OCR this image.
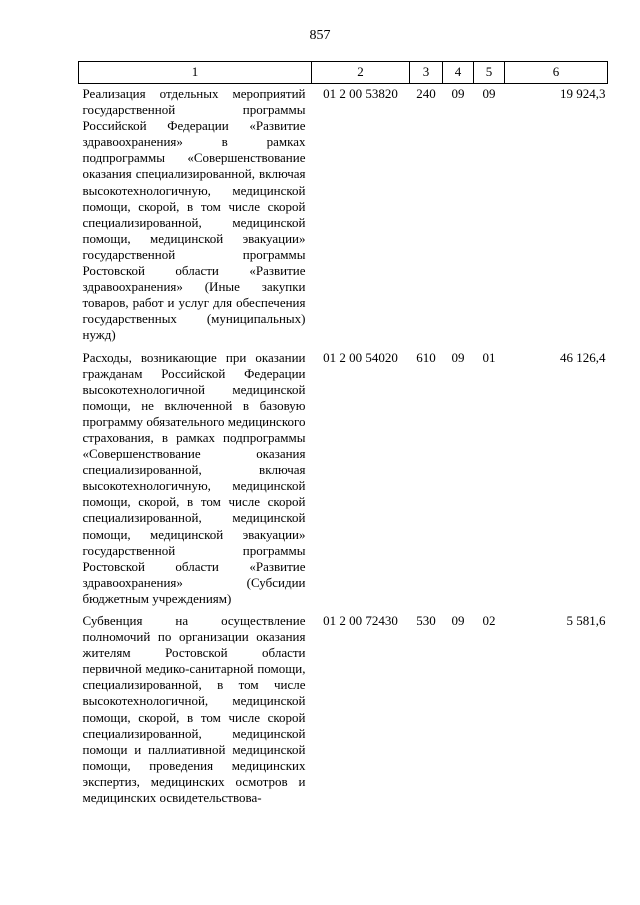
857
1	2	3	4	5	6
Реализация отдельных мероприятий государственной программы Российской Федерации «Развитие здравоохранения» в рамках подпрограммы «Совершенствование оказания специализированной, включая высокотехнологичную, медицинской помощи, скорой, в том числе скорой специализированной, медицинской помощи, медицинской эвакуации» государственной программы Ростовской области «Развитие здравоохранения» (Иные закупки товаров, работ и услуг для обеспечения государственных (муниципальных) нужд)	01 2 00 53820	240	09	09	19 924,3
Расходы, возникающие при оказании гражданам Российской Федерации высокотехнологичной медицинской помощи, не включенной в базовую программу обязательного медицинского страхования, в рамках подпрограммы «Совершенствование оказания специализированной, включая высокотехнологичную, медицинской помощи, скорой, в том числе скорой специализированной, медицинской помощи, медицинской эвакуации» государственной программы Ростовской области «Развитие здравоохранения» (Субсидии бюджетным учреждениям)	01 2 00 54020	610	09	01	46 126,4
Субвенция на осуществление полномочий по организации оказания жителям Ростовской области первичной медико-санитарной помощи, специализированной, в том числе высокотехнологичной, медицинской помощи, скорой, в том числе скорой специализированной, медицинской помощи и паллиативной медицинской помощи, проведения медицинских экспертиз, медицинских осмотров и медицинских освидетельствова-	01 2 00 72430	530	09	02	5 581,6
